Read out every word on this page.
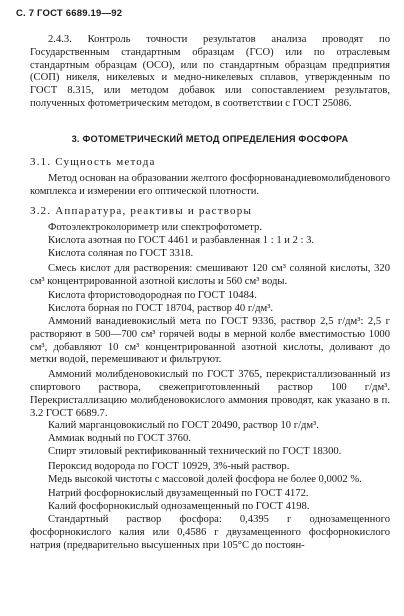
С. 7 ГОСТ 6689.19—92

2.4.3. Контроль точности результатов анализа проводят по Государственным стандартным образцам (ГСО) или по отраслевым стандартным образцам (ОСО), или по стандартным образцам предприятия (СОП) никеля, никелевых и медно-никелевых сплавов, утвержденным по ГОСТ 8.315, или методом добавок или сопоставлением результатов, полученных фотометрическим методом, в соответствии с ГОСТ 25086.

3. ФОТОМЕТРИЧЕСКИЙ МЕТОД ОПРЕДЕЛЕНИЯ ФОСФОРА
3.1. Сущность метода

Метод основан на образовании желтого фосфорнованадиевомолибденового комплекса и измерении его оптической плотности.

3.2. Аппаратура, реактивы и растворы

Фотоэлектроколориметр или спектрофотометр.

Кислота азотная по ГОСТ 4461 и разбавленная 1 : 1 и 2 : 3.

Кислота соляная по ГОСТ 3318.

Смесь кислот для растворения: смешивают 120 см³ соляной кислоты, 320 см³ концентрированной азотной кислоты и 560 см³ воды.

Кислота фтористоводородная по ГОСТ 10484.

Кислота борная по ГОСТ 18704, раствор 40 г/дм³.

Аммоний ванадиевокислый мета по ГОСТ 9336, раствор 2,5 г/дм³: 2,5 г растворяют в 500—700 см³ горячей воды в мерной колбе вместимостью 1000 см³, добавляют 10 см³ концентрированной азотной кислоты, доливают до метки водой, перемешивают и фильтруют.

Аммоний молибденовокислый по ГОСТ 3765, перекристаллизованный из спиртового раствора, свежеприготовленный раствор 100 г/дм³. Перекристаллизацию молибденовокислого аммония проводят, как указано в п. 3.2 ГОСТ 6689.7.

Калий марганцовокислый по ГОСТ 20490, раствор 10 г/дм³.

Аммиак водный по ГОСТ 3760.

Спирт этиловый ректификованный технический по ГОСТ 18300.

Пероксид водорода по ГОСТ 10929, 3%-ный раствор.

Медь высокой чистоты с массовой долей фосфора не более 0,0002 %.

Натрий фосфорнокислый двузамещенный по ГОСТ 4172.

Калий фосфорнокислый однозамещенный по ГОСТ 4198.

Стандартный раствор фосфора: 0,4395 г однозамещенного фосфорнокислого калия или 0,4586 г двузамещенного фосфорнокислого натрия (предварительно высушенных при 105°С до постоян-
